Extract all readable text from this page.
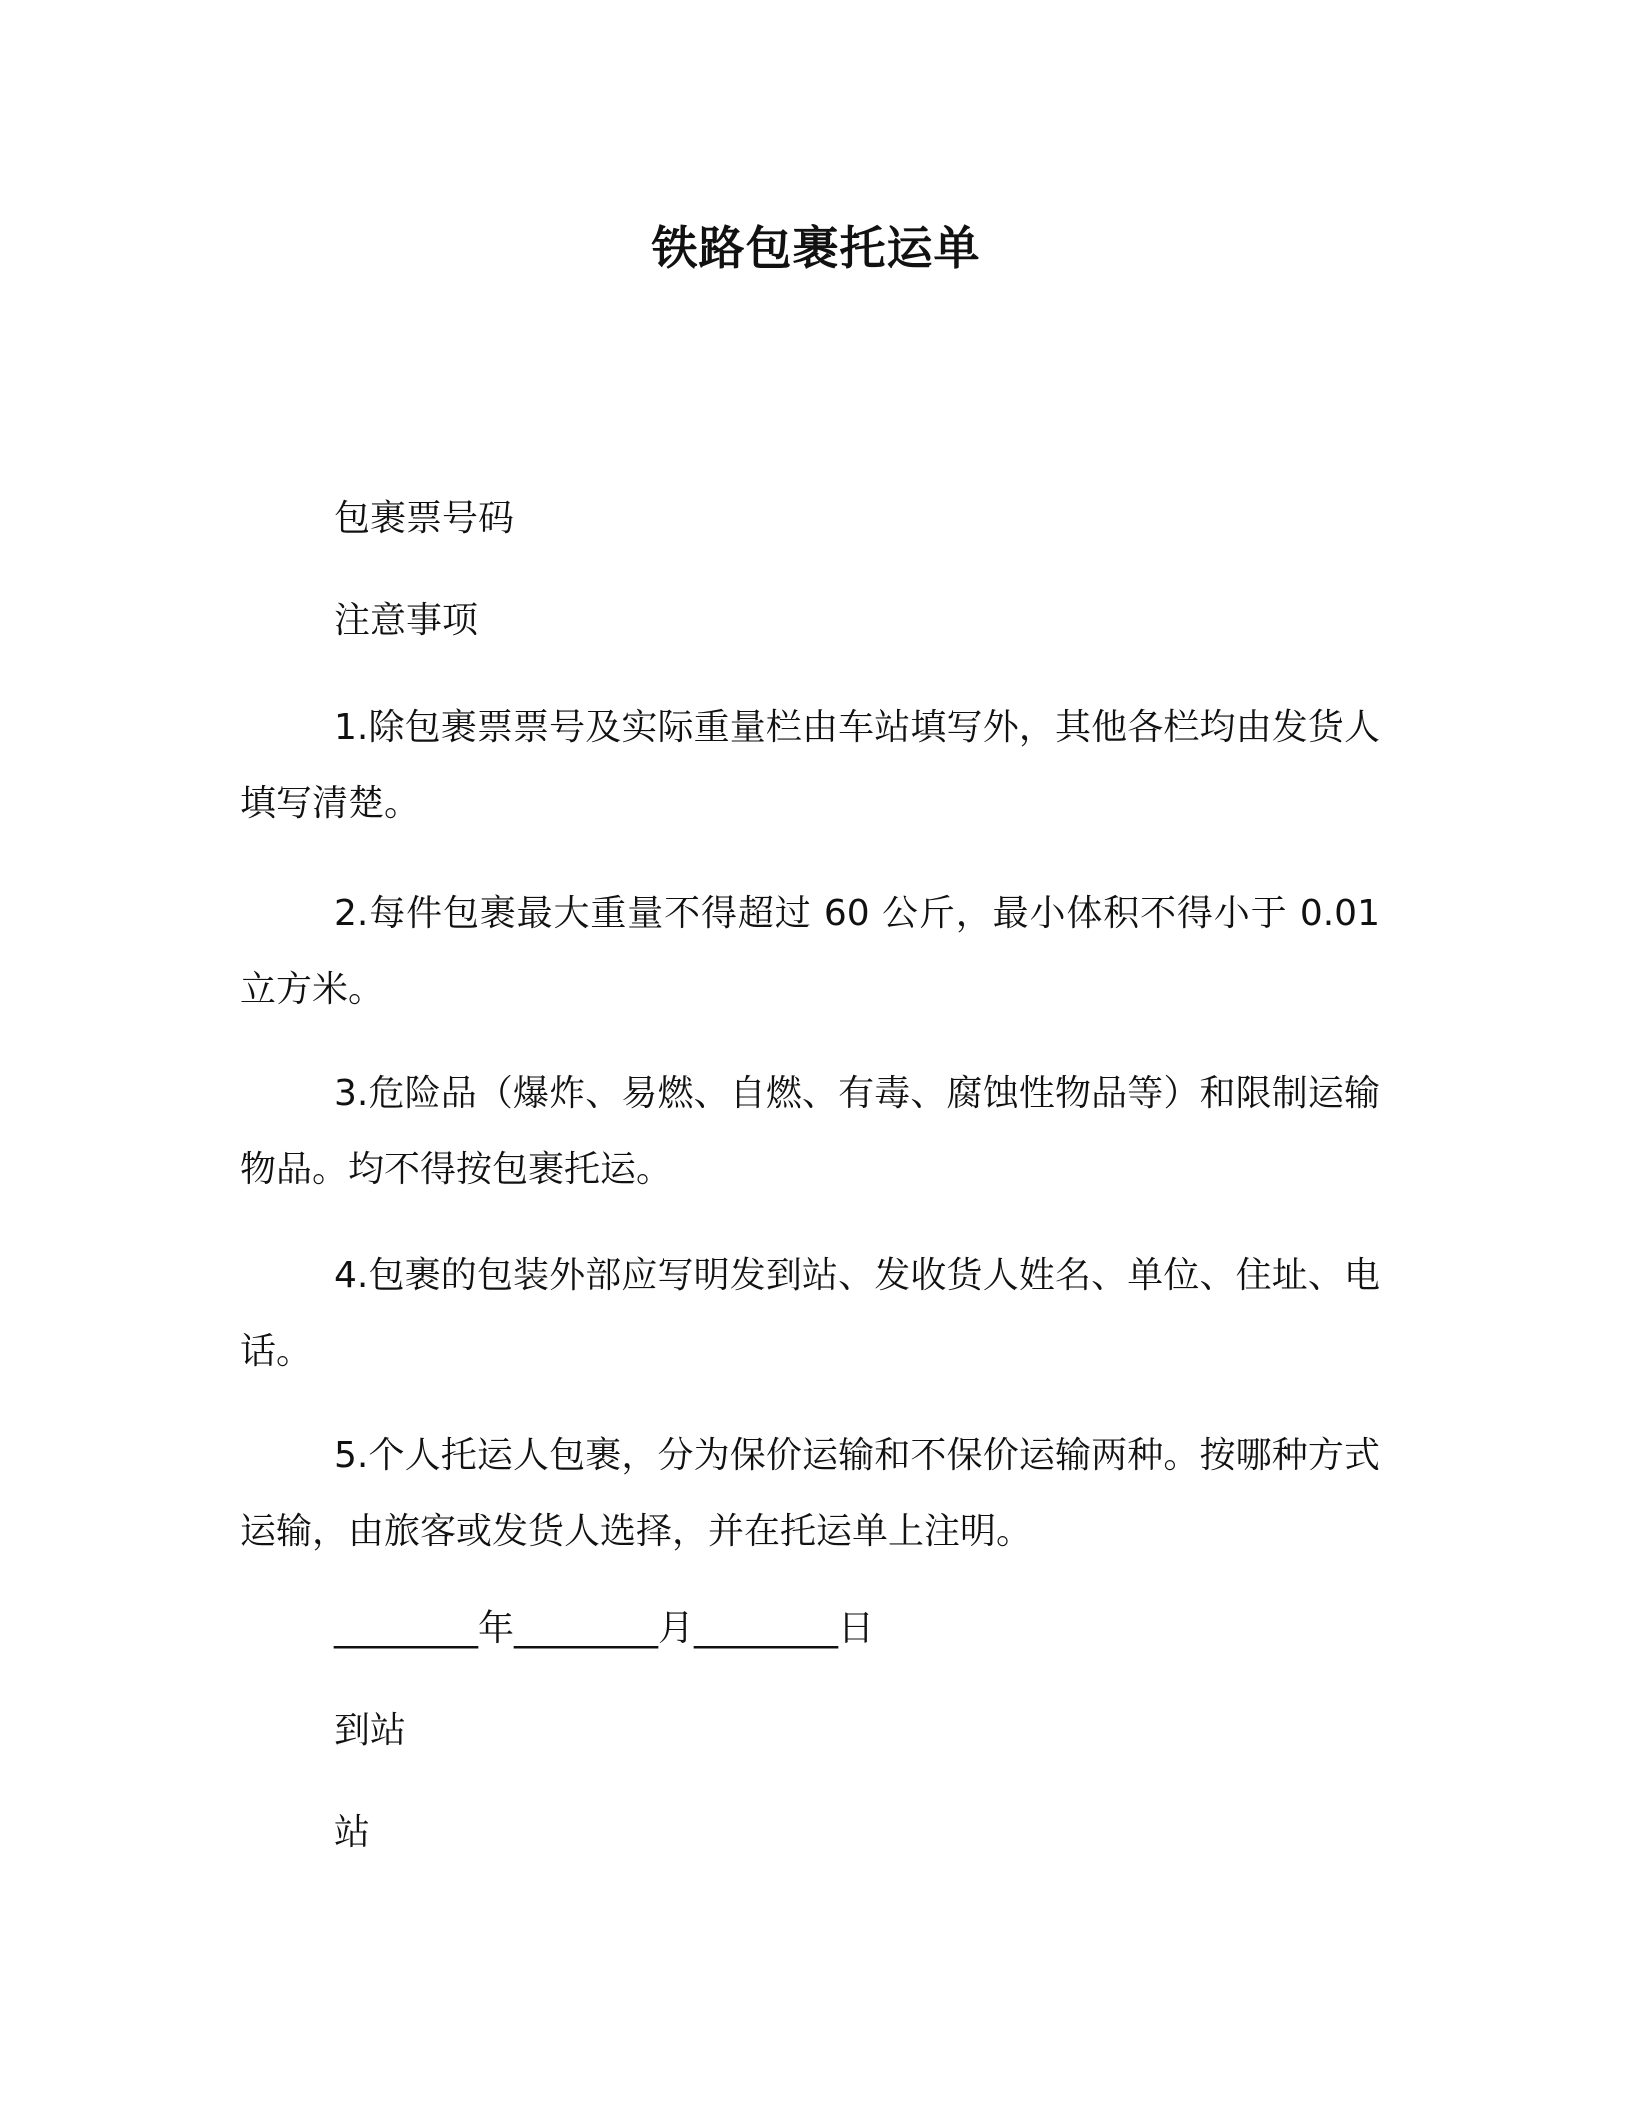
铁路包裹托运单
包裹票号码
注意事项
1.除包裹票票号及实际重量栏由车站填写外，其他各栏均由发货人填写清楚。
2.每件包裹最大重量不得超过 60 公斤，最小体积不得小于 0.01 立方米。
3.危险品（爆炸、易燃、自燃、有毒、腐蚀性物品等）和限制运输物品。均不得按包裹托运。
4.包裹的包装外部应写明发到站、发收货人姓名、单位、住址、电话。
5.个人托运人包裹，分为保价运输和不保价运输两种。按哪种方式运输，由旅客或发货人选择，并在托运单上注明。
________年________月________日
到站
站
